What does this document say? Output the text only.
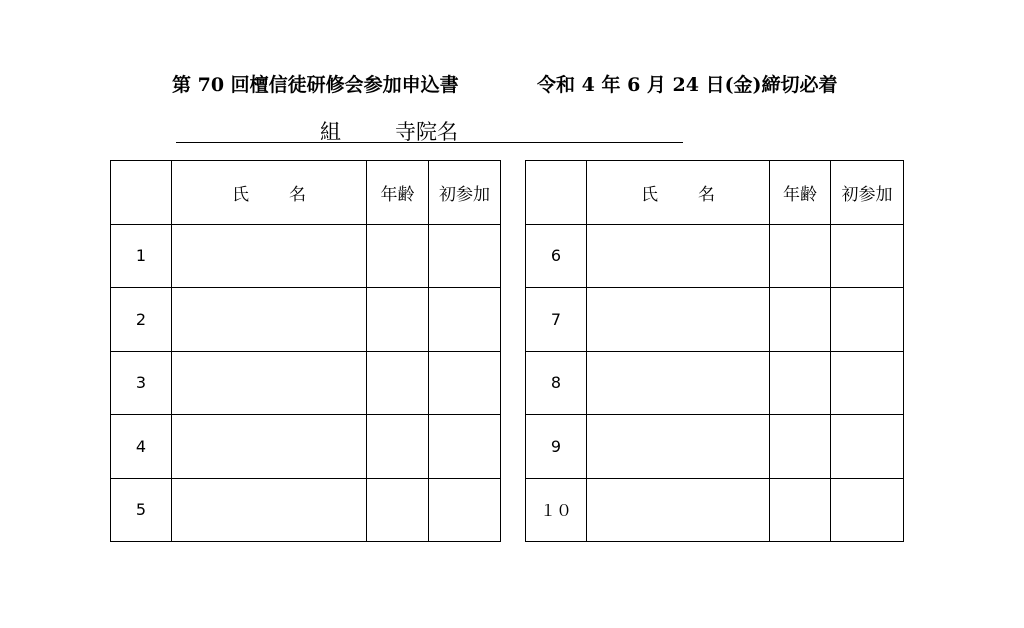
第 70 回檀信徒研修会参加申込書	令和 4 年 6 月 24 日(金)締切必着
組	寺院名
	氏 名	年齢	初参加
1			
2			
3			
4			
5			
	氏 名	年齢	初参加
6			
7			
8			
9			
１０			
